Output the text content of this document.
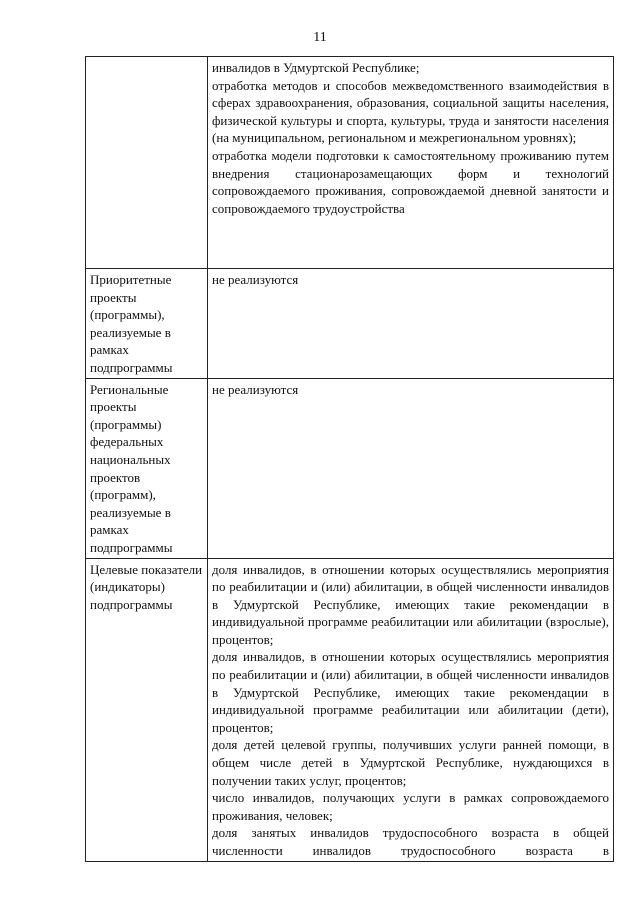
11

	инвалидов в Удмуртской Республике;

отработка методов и способов межведомственного взаимодействия в сферах здравоохранения, образования, социальной защиты населения, физической культуры и спорта, культуры, труда и занятости населения (на муниципальном, региональном и межрегиональном уровнях);

отработка модели подготовки к самостоятельному проживанию путем внедрения стационарозамещающих форм и технологий сопровождаемого проживания, сопровождаемой дневной занятости и сопровождаемого трудоустройства

Приоритетные проекты (программы), реализуемые в рамках подпрограммы	не реализуются

Региональные проекты (программы) федеральных национальных проектов (программ), реализуемые в рамках подпрограммы	не реализуются

Целевые показатели (индикаторы) подпрограммы	доля инвалидов, в отношении которых осуществлялись мероприятия по реабилитации и (или) абилитации, в общей численности инвалидов в Удмуртской Республике, имеющих такие рекомендации в индивидуальной программе реабилитации или абилитации (взрослые), процентов;

доля инвалидов, в отношении которых осуществлялись мероприятия по реабилитации и (или) абилитации, в общей численности инвалидов в Удмуртской Республике, имеющих такие рекомендации в индивидуальной программе реабилитации или абилитации (дети), процентов;

доля детей целевой группы, получивших услуги ранней помощи, в общем числе детей в Удмуртской Республике, нуждающихся в получении таких услуг, процентов;

число инвалидов, получающих услуги в рамках сопровождаемого проживания, человек;

доля занятых инвалидов трудоспособного возраста в общей численности инвалидов трудоспособного возраста в
